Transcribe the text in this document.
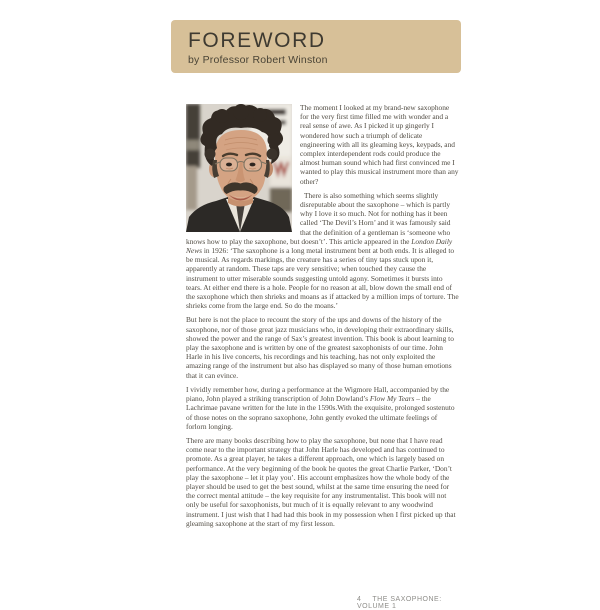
FOREWORD
by Professor Robert Winston

The moment I looked at my brand-new saxophone for the very first time filled me with wonder and a real sense of awe. As I picked it up gingerly I wondered how such a triumph of delicate engineering with all its gleaming keys, keypads, and complex interdependent rods could produce the almost human sound which had first convinced me I wanted to play this musical instrument more than any other?

There is also something which seems slightly disreputable about the saxophone – which is partly why I love it so much. Not for nothing has it been called ‘The Devil’s Horn’ and it was famously said that the definition of a gentleman is ‘someone who knows how to play the saxophone, but doesn’t’. This article appeared in the London Daily News in 1926: ‘The saxophone is a long metal instrument bent at both ends. It is alleged to be musical. As regards markings, the creature has a series of tiny taps stuck upon it, apparently at random. These taps are very sensitive; when touched they cause the instrument to utter miserable sounds suggesting untold agony. Sometimes it bursts into tears. At either end there is a hole. People for no reason at all, blow down the small end of the saxophone which then shrieks and moans as if attacked by a million imps of torture. The shrieks come from the large end. So do the moans.’

But here is not the place to recount the story of the ups and downs of the history of the saxophone, nor of those great jazz musicians who, in developing their extraordinary skills, showed the power and the range of Sax’s greatest invention. This book is about learning to play the saxophone and is written by one of the greatest saxophonists of our time. John Harle in his live concerts, his recordings and his teaching, has not only exploited the amazing range of the instrument but also has displayed so many of those human emotions that it can evince.

I vividly remember how, during a performance at the Wigmore Hall, accompanied by the piano, John played a striking transcription of John Dowland’s Flow My Tears – the Lachrimae pavane written for the lute in the 1590s.With the exquisite, prolonged sostenuto of those notes on the soprano saxophone, John gently evoked the ultimate feelings of forlorn longing.

There are many books describing how to play the saxophone, but none that I have read come near to the important strategy that John Harle has developed and has continued to promote. As a great player, he takes a different approach, one which is largely based on performance. At the very beginning of the book he quotes the great Charlie Parker, ‘Don’t play the saxophone – let it play you’. His account emphasizes how the whole body of the player should be used to get the best sound, whilst at the same time ensuring the need for the correct mental attitude – the key requisite for any instrumentalist. This book will not only be useful for saxophonists, but much of it is equally relevant to any woodwind instrument. I just wish that I had had this book in my possession when I first picked up that gleaming saxophone at the start of my first lesson.

4 THE SAXOPHONE: VOLUME 1
